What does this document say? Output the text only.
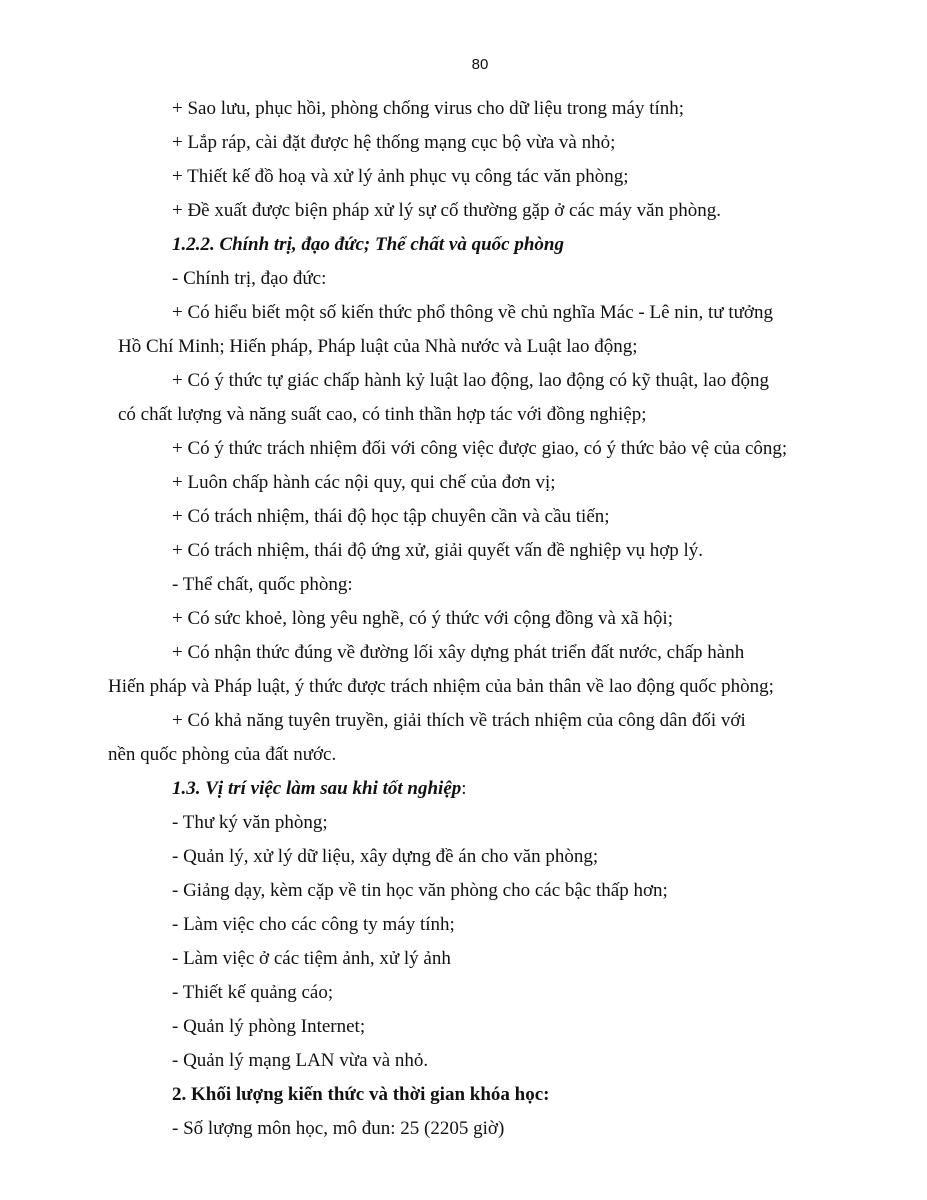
80

+ Sao lưu, phục hồi, phòng chống virus cho dữ liệu trong máy tính;

+ Lắp ráp, cài đặt được hệ thống mạng cục bộ vừa và nhỏ;

+ Thiết kế đồ hoạ và xử lý ảnh phục vụ công tác văn phòng;

+ Đề xuất được biện pháp xử lý sự cố thường gặp ở các máy văn phòng.

1.2.2. Chính trị, đạo đức; Thể chất và quốc phòng

- Chính trị, đạo đức:

+ Có hiểu biết một số kiến thức phổ thông về chủ nghĩa Mác - Lê nin, tư tưởng
Hồ Chí Minh; Hiến pháp, Pháp luật của Nhà nước và Luật lao động;

+ Có ý thức tự giác chấp hành kỷ luật lao động, lao động có kỹ thuật, lao động
có chất lượng và năng suất cao, có tinh thần hợp tác với đồng nghiệp;

+ Có ý thức trách nhiệm đối với công việc được giao, có ý thức bảo vệ của công;

+ Luôn chấp hành các nội quy, qui chế của đơn vị;

+ Có trách nhiệm, thái độ học tập chuyên cần và cầu tiến;

+ Có trách nhiệm, thái độ ứng xử, giải quyết vấn đề nghiệp vụ hợp lý.

- Thể chất, quốc phòng:

+ Có sức khoẻ, lòng yêu nghề, có ý thức với cộng đồng và xã hội;

+ Có nhận thức đúng về đường lối xây dựng phát triển đất nước, chấp hành
Hiến pháp và Pháp luật, ý thức được trách nhiệm của bản thân về lao động quốc phòng;

+ Có khả năng tuyên truyền, giải thích về trách nhiệm của công dân đối với
nền quốc phòng của đất nước.

1.3. Vị trí việc làm sau khi tốt nghiệp:

- Thư ký văn phòng;

- Quản lý, xử lý dữ liệu, xây dựng đề án cho văn phòng;

- Giảng dạy, kèm cặp về tin học văn phòng cho các bậc thấp hơn;

- Làm việc cho các công ty máy tính;

- Làm việc ở các tiệm ảnh, xử lý ảnh

- Thiết kế quảng cáo;

- Quản lý phòng Internet;

- Quản lý mạng LAN vừa và nhỏ.

2. Khối lượng kiến thức và thời gian khóa học:

- Số lượng môn học, mô đun: 25 (2205 giờ)
